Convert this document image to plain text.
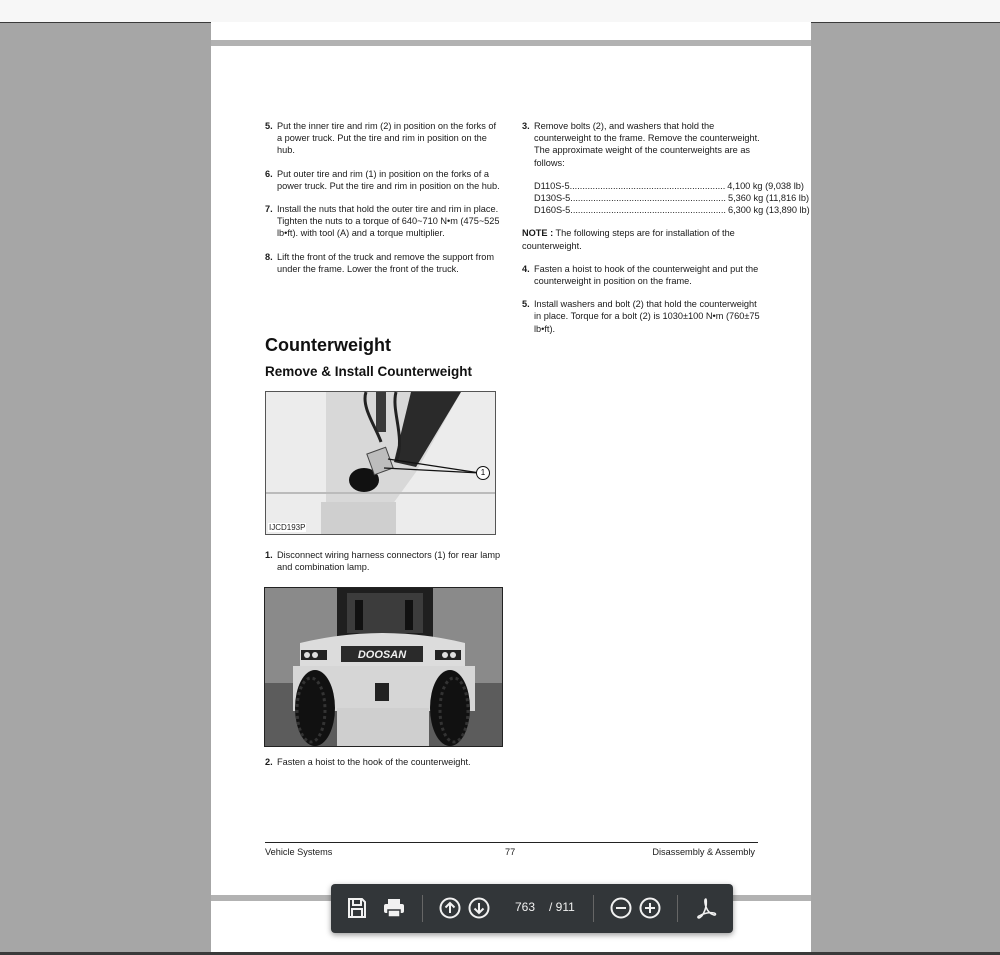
5. Put the inner tire and rim (2) in position on the forks of a power truck. Put the tire and rim in position on the hub.

6. Put outer tire and rim (1) in position on the forks of a power truck. Put the tire and rim in position on the hub.

7. Install the nuts that hold the outer tire and rim in place. Tighten the nuts to a torque of 640~710 N•m (475~525 lb•ft). with tool (A) and a torque multiplier.

8. Lift the front of the truck and remove the support from under the frame. Lower the front of the truck.

Counterweight
Remove & Install Counterweight
1
IJCD193P

1. Disconnect wiring harness connectors (1) for rear lamp and combination lamp.

DOOSAN

2. Fasten a hoist to the hook of the counterweight.

3. Remove bolts (2), and washers that hold the counterweight to the frame. Remove the counterweight. The approximate weight of the counterweights are as follows:

D110S-5............................................................. 4,100 kg (9,038 lb)
D130S-5............................................................. 5,360 kg (11,816 lb)
D160S-5............................................................. 6,300 kg (13,890 lb)

NOTE : The following steps are for installation of the counterweight.

4. Fasten a hoist to hook of the counterweight and put the counterweight in position on the frame.

5. Install washers and bolt (2) that hold the counterweight in place. Torque for a bolt (2) is 1030±100 N•m (760±75 lb•ft).

Vehicle Systems	77	Disassembly & Assembly
763 / 911
